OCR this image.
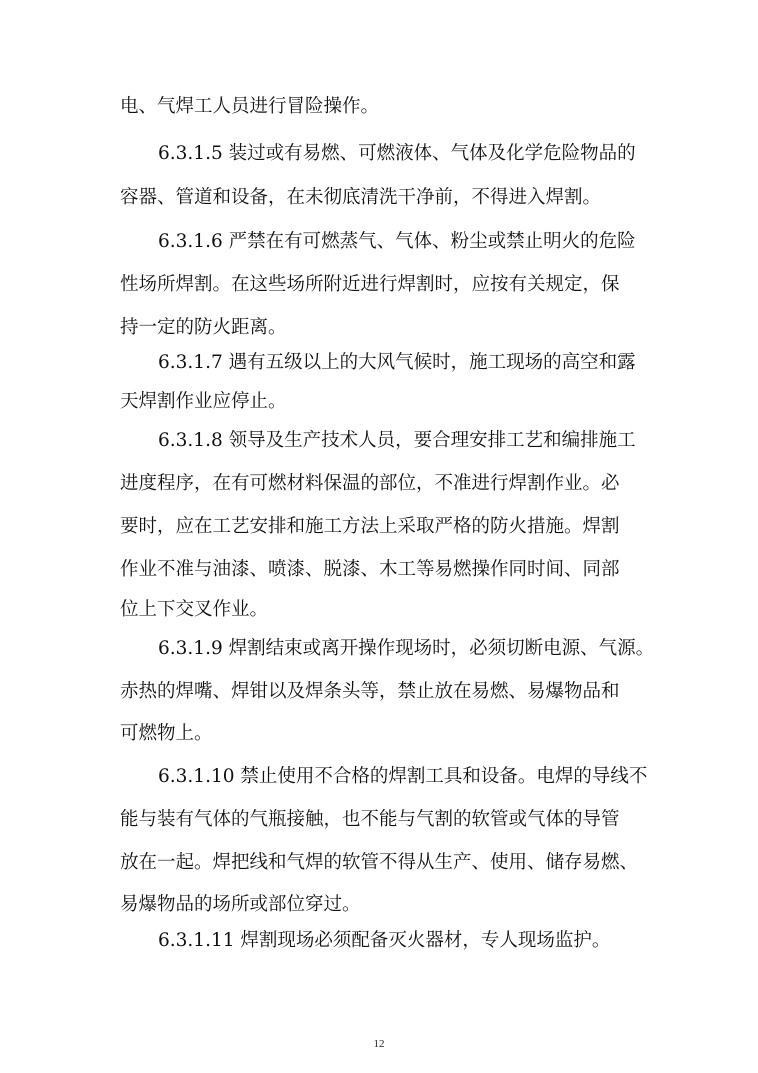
电、气焊工人员进行冒险操作。
6.3.1.5 装过或有易燃、可燃液体、气体及化学危险物品的
容器、管道和设备，在未彻底清洗干净前，不得进入焊割。
6.3.1.6 严禁在有可燃蒸气、气体、粉尘或禁止明火的危险
性场所焊割。在这些场所附近进行焊割时，应按有关规定，保
持一定的防火距离。
6.3.1.7 遇有五级以上的大风气候时，施工现场的高空和露
天焊割作业应停止。
6.3.1.8 领导及生产技术人员，要合理安排工艺和编排施工
进度程序，在有可燃材料保温的部位，不准进行焊割作业。必
要时，应在工艺安排和施工方法上采取严格的防火措施。焊割
作业不准与油漆、喷漆、脱漆、木工等易燃操作同时间、同部
位上下交叉作业。
6.3.1.9 焊割结束或离开操作现场时，必须切断电源、气源。
赤热的焊嘴、焊钳以及焊条头等，禁止放在易燃、易爆物品和
可燃物上。
6.3.1.10 禁止使用不合格的焊割工具和设备。电焊的导线不
能与装有气体的气瓶接触，也不能与气割的软管或气体的导管
放在一起。焊把线和气焊的软管不得从生产、使用、储存易燃、
易爆物品的场所或部位穿过。
6.3.1.11 焊割现场必须配备灭火器材，专人现场监护。
12
